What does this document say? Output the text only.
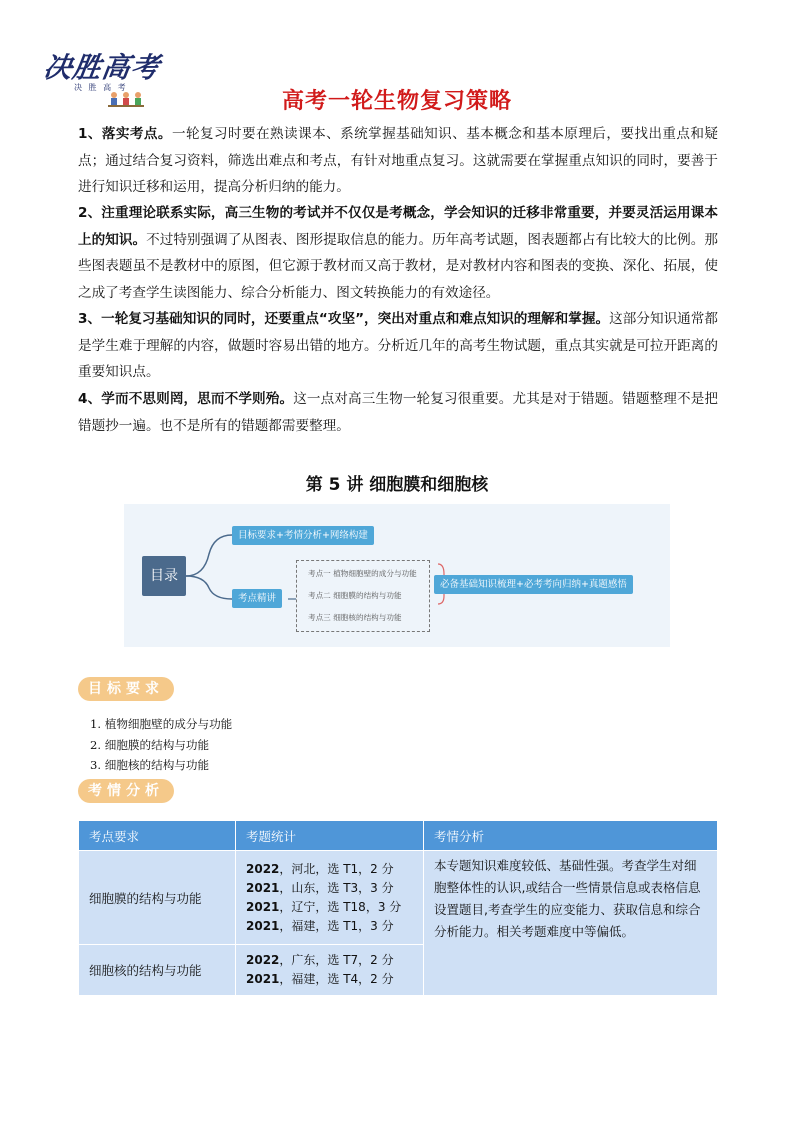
决胜高考
决 胜 高 考
高考一轮生物复习策略
1、落实考点。一轮复习时要在熟读课本、系统掌握基础知识、基本概念和基本原理后，要找出重点和疑点；通过结合复习资料，筛选出难点和考点，有针对地重点复习。这就需要在掌握重点知识的同时，要善于进行知识迁移和运用，提高分析归纳的能力。
2、注重理论联系实际，高三生物的考试并不仅仅是考概念，学会知识的迁移非常重要，并要灵活运用课本上的知识。不过特别强调了从图表、图形提取信息的能力。历年高考试题，图表题都占有比较大的比例。那些图表题虽不是教材中的原图，但它源于教材而又高于教材，是对教材内容和图表的变换、深化、拓展，使之成了考查学生读图能力、综合分析能力、图文转换能力的有效途径。
3、一轮复习基础知识的同时，还要重点“攻坚”，突出对重点和难点知识的理解和掌握。这部分知识通常都是学生难于理解的内容，做题时容易出错的地方。分析近几年的高考生物试题，重点其实就是可拉开距离的重要知识点。
4、学而不思则罔，思而不学则殆。这一点对高三生物一轮复习很重要。尤其是对于错题。错题整理不是把错题抄一遍。也不是所有的错题都需要整理。
第 5 讲 细胞膜和细胞核
目录
目标要求+考情分析+网络构建
考点精讲
考点一 植物细胞壁的成分与功能
考点二 细胞膜的结构与功能
考点三 细胞核的结构与功能
必备基础知识梳理+必考考向归纳+真题感悟
目标要求
1. 植物细胞壁的成分与功能
2. 细胞膜的结构与功能
3. 细胞核的结构与功能
考情分析
考点要求	考题统计	考情分析
细胞膜的结构与功能	2022，河北，选 T1，2 分
2021，山东，选 T3，3 分
2021，辽宁，选 T18，3 分
2021，福建，选 T1，3 分	本专题知识难度较低、基础性强。考查学生对细胞整体性的认识,或结合一些情景信息或表格信息设置题目,考查学生的应变能力、获取信息和综合分析能力。相关考题难度中等偏低。
细胞核的结构与功能	2022，广东，选 T7，2 分
2021，福建，选 T4，2 分	
